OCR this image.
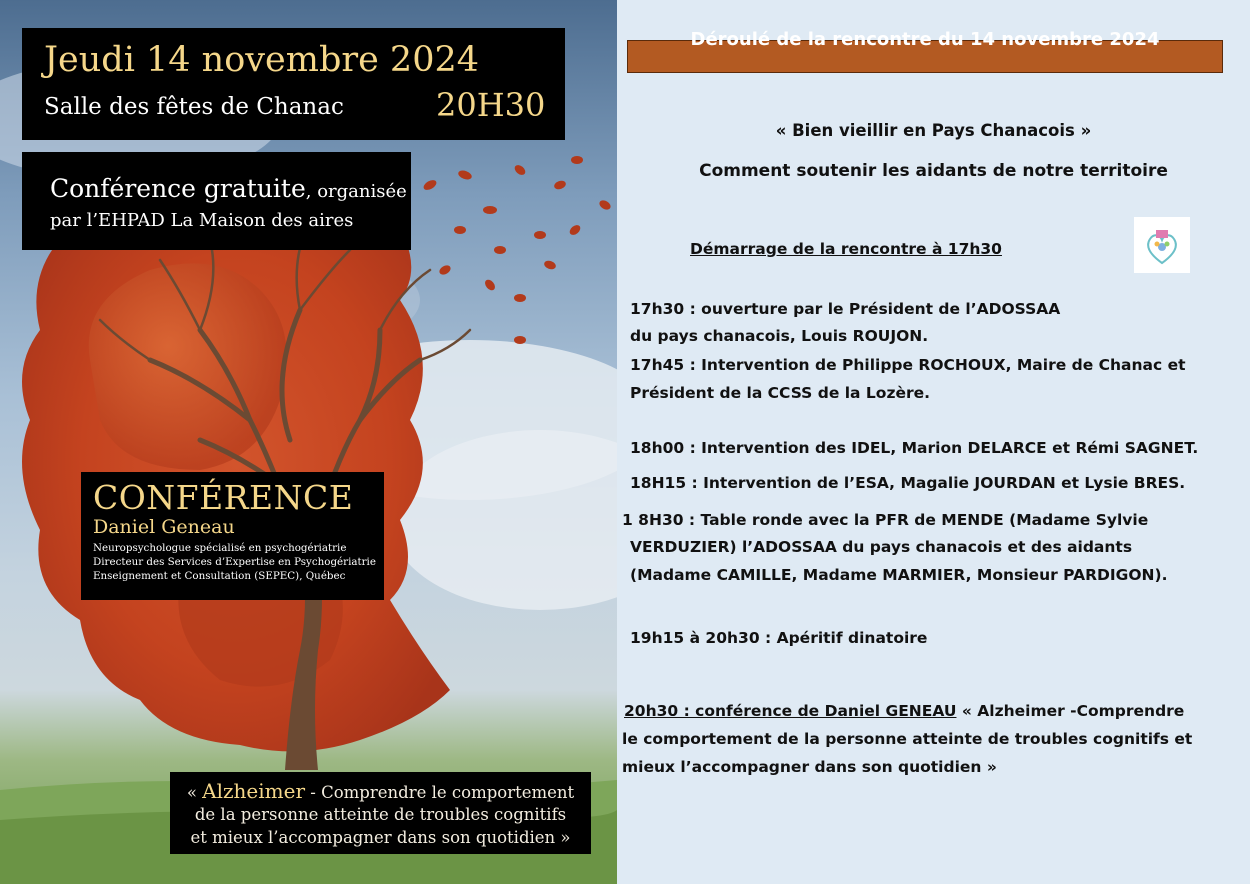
Jeudi 14 novembre 2024
Salle des fêtes de Chanac	20H30
Conférence gratuite, organisée
par l’EHPAD La Maison des aires
CONFÉRENCE
Daniel Geneau
Neuropsychologue spécialisé en psychogériatrie
Directeur des Services d’Expertise en Psychogériatrie
Enseignement et Consultation (SEPEC), Québec
« Alzheimer - Comprendre le comportement
de la personne atteinte de troubles cognitifs
et mieux l’accompagner dans son quotidien »
Déroulé de la rencontre du 14 novembre 2024
« Bien vieillir en Pays Chanacois »
Comment soutenir les aidants de notre territoire
Démarrage de la rencontre à 17h30
17h30 : ouverture par le Président de l’ADOSSAA
du pays chanacois, Louis ROUJON.
17h45 : Intervention de Philippe ROCHOUX, Maire de Chanac et
Président de la CCSS de la Lozère.
18h00 : Intervention des IDEL, Marion DELARCE et Rémi SAGNET.
18H15 : Intervention de l’ESA, Magalie JOURDAN et Lysie BRES.
1 8H30 : Table ronde avec la PFR de MENDE (Madame Sylvie
VERDUZIER) l’ADOSSAA du pays chanacois et des aidants
(Madame CAMILLE, Madame MARMIER, Monsieur PARDIGON).
19h15 à 20h30 : Apéritif dinatoire
20h30 : conférence de Daniel GENEAU « Alzheimer -Comprendre
le comportement de la personne atteinte de troubles cognitifs et
mieux l’accompagner dans son quotidien »
